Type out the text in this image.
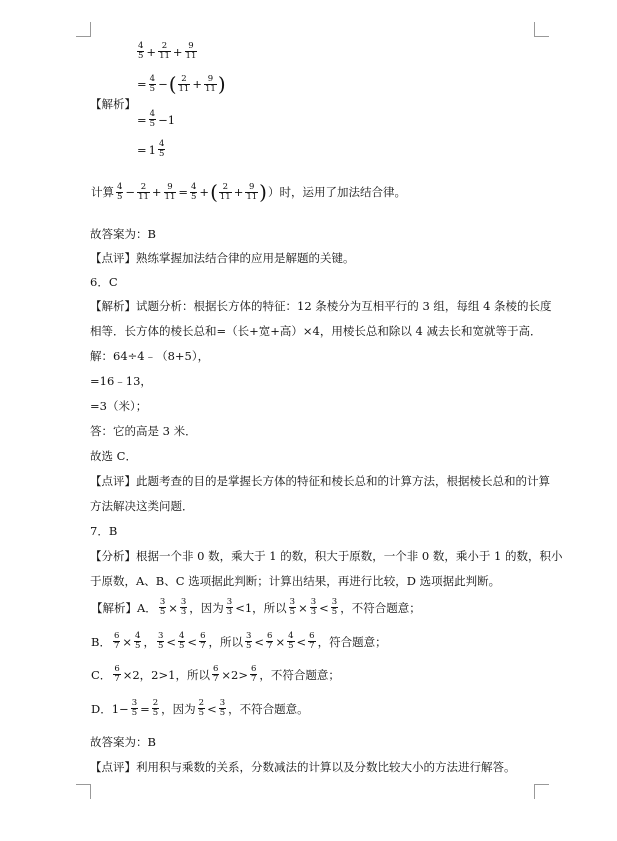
$\frac{4}{5} + \frac{2}{11} + \frac{9}{11}$
= $\frac{4}{5}$ −( $\frac{2}{11} + \frac{9}{11}$ )
【解析】
= $\frac{4}{5} -1$
= $1 \frac{4}{5}$
计算 $\frac{4}{5} - \frac{2}{11} + \frac{9}{11} = \frac{4}{5}$ +( $\frac{2}{11} + \frac{9}{11}$ )）时，运用了加法结合律。
故答案为：B
【点评】熟练掌握加法结合律的应用是解题的关键。
6．C
【解析】试题分析：根据长方体的特征：12 条棱分为互相平行的 3 组，每组 4 条棱的长度
相等．长方体的棱长总和=（长+宽+高）×4，用棱长总和除以 4 减去长和宽就等于高．
解：64÷4﹣（8+5），
=16﹣13，
=3（米）；
答：它的高是 3 米．
故选 C．
【点评】此题考查的目的是掌握长方体的特征和棱长总和的计算方法，根据棱长总和的计算
方法解决这类问题．
7．B
【分析】根据一个非 0 数，乘大于 1 的数，积大于原数，一个非 0 数，乘小于 1 的数，积小
于原数，A、B、C 选项据此判断；计算出结果，再进行比较，D 选项据此判断。
【解析】A． $\frac{3}{5} \times \frac{3}{3}$ ，因为 $\frac{3}{3} <1$，所以 $\frac{3}{5} \times \frac{3}{3} < \frac{3}{5}$ ，不符合题意；
B． $\frac{6}{7} \times \frac{4}{5}$ ， $\frac{3}{5} < \frac{4}{5} < \frac{6}{7}$ ，所以 $\frac{3}{5} < \frac{6}{7} \times \frac{4}{5} < \frac{6}{7}$ ，符合题意；
C． $\frac{6}{7} \times 2$，2>1，所以 $\frac{6}{7} \times 2> \frac{6}{7}$ ，不符合题意；
D．$1- \frac{3}{5} = \frac{2}{5}$ ，因为 $\frac{2}{5} < \frac{3}{5}$ ，不符合题意。
故答案为：B
【点评】利用积与乘数的关系，分数减法的计算以及分数比较大小的方法进行解答。
